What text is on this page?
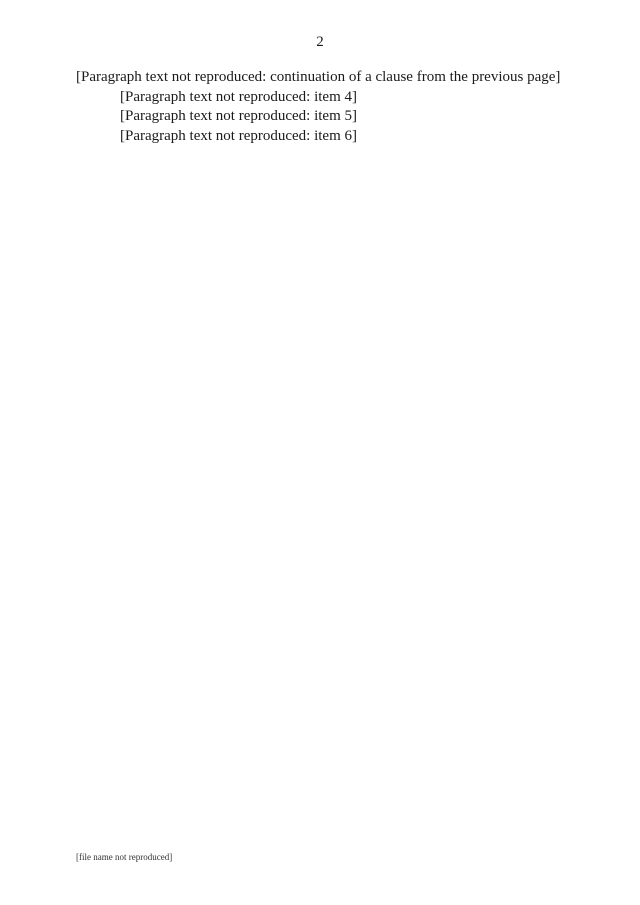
2

[Paragraph text not reproduced: continuation of a clause from the previous page]

[Paragraph text not reproduced: item 4]

[Paragraph text not reproduced: item 5]

[Paragraph text not reproduced: item 6]

[file name not reproduced]
